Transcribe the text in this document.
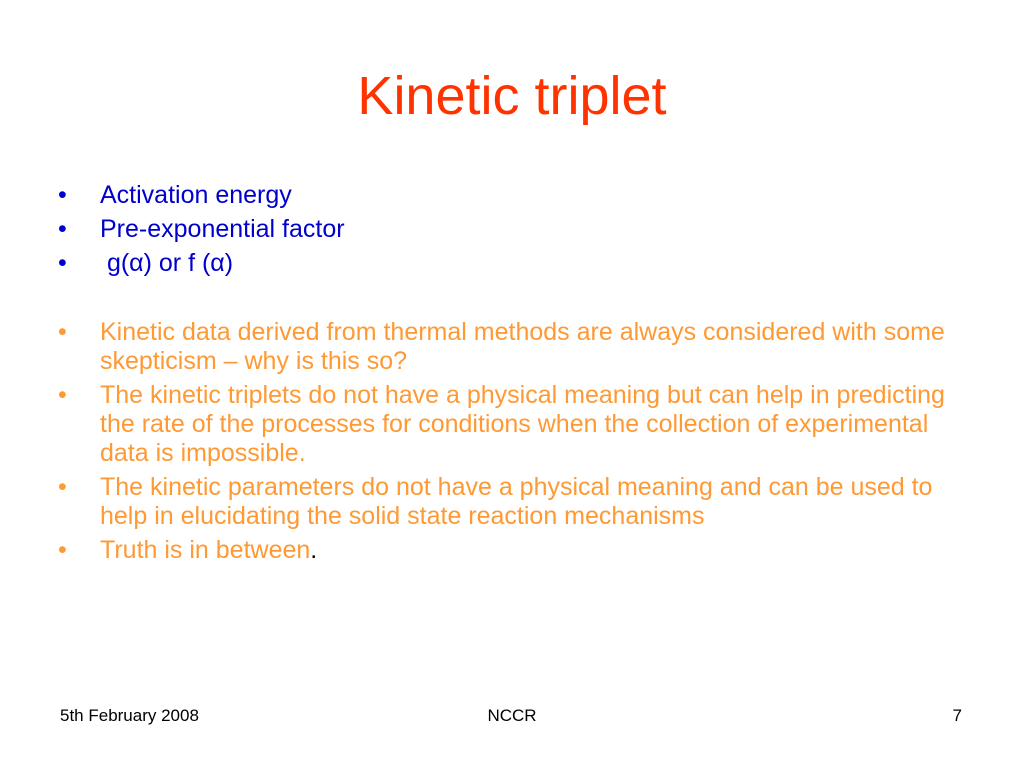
Kinetic triplet
•	Activation energy
•	Pre-exponential factor
•	g(α) or f (α)
•	Kinetic data derived from thermal methods are always considered with some skepticism – why is this so?
•	The kinetic triplets do not have a physical meaning but can help in predicting the rate of the processes for conditions when the collection of experimental data is impossible.
•	The kinetic parameters do not have a physical meaning and can be used to help in elucidating the solid state reaction mechanisms
•	Truth is in between.
5th February 2008	NCCR	7
